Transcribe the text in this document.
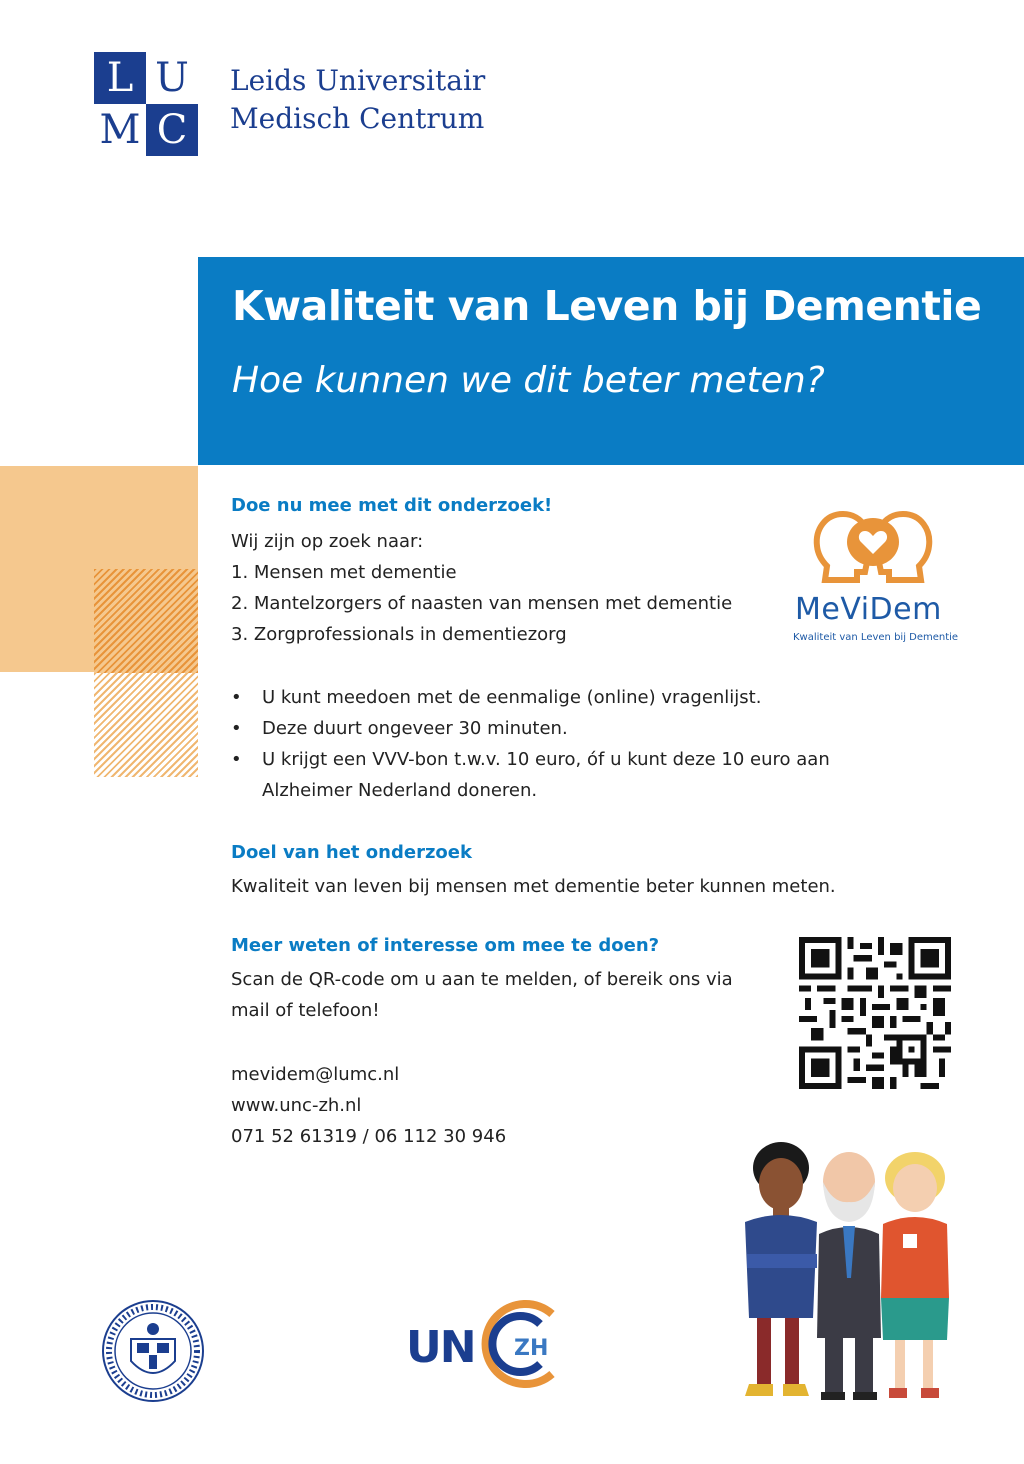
L U
M C
Leids Universitair
Medisch Centrum
Kwaliteit van Leven bij Dementie
Hoe kunnen we dit beter meten?
Doe nu mee met dit onderzoek!
Wij zijn op zoek naar:
1. Mensen met dementie
2. Mantelzorgers of naasten van mensen met dementie
3. Zorgprofessionals in dementiezorg
• U kunt meedoen met de eenmalige (online) vragenlijst.
• Deze duurt ongeveer 30 minuten.
• U krijgt een VVV-bon t.w.v. 10 euro, óf u kunt deze 10 euro aan Alzheimer Nederland doneren.
MeViDem
Kwaliteit van Leven bij Dementie
Doel van het onderzoek
Kwaliteit van leven bij mensen met dementie beter kunnen meten.
Meer weten of interesse om mee te doen?
Scan de QR-code om u aan te melden, of bereik ons via mail of telefoon!
mevidem@lumc.nl
www.unc-zh.nl
071 52 61319 / 06 112 30 946
UN ZH
